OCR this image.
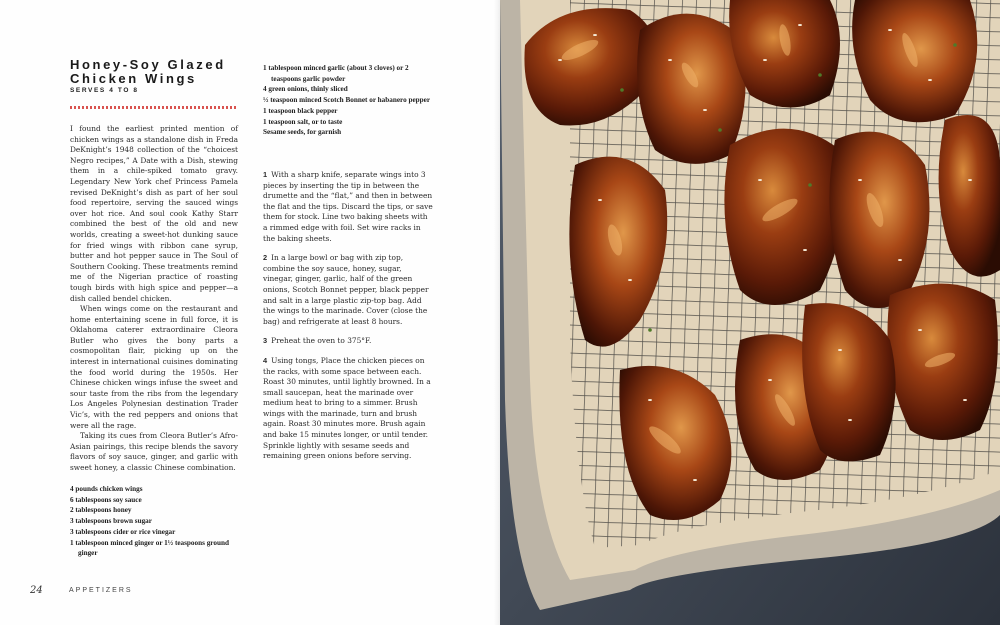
Honey-Soy Glazed
Chicken Wings
SERVES 4 TO 8

I found the earliest printed mention of chicken wings as a standalone dish in Freda DeKnight’s 1948 collection of the “choicest Negro recipes,” A Date with a Dish, stewing them in a chile-spiked tomato gravy. Legendary New York chef Princess Pamela revised DeKnight’s dish as part of her soul food repertoire, serving the sauced wings over hot rice. And soul cook Kathy Starr combined the best of the old and new worlds, creating a sweet-hot dunking sauce for fried wings with ribbon cane syrup, butter and hot pepper sauce in The Soul of Southern Cooking. These treatments remind me of the Nigerian practice of roasting tough birds with high spice and pepper—a dish called bendel chicken.

When wings come on the restaurant and home entertaining scene in full force, it is Oklahoma caterer extraordinaire Cleora Butler who gives the bony parts a cosmopolitan flair, picking up on the interest in international cuisines dominating the food world during the 1950s. Her Chinese chicken wings infuse the sweet and sour taste from the ribs from the legendary Los Angeles Polynesian destination Trader Vic’s, with the red peppers and onions that were all the rage.

Taking its cues from Cleora Butler’s Afro-Asian pairings, this recipe blends the savory flavors of soy sauce, ginger, and garlic with sweet honey, a classic Chinese combination.

4 pounds chicken wings
6 tablespoons soy sauce
2 tablespoons honey
3 tablespoons brown sugar
3 tablespoons cider or rice vinegar
1 tablespoon minced ginger or 1½ teaspoons ground ginger
1 tablespoon minced garlic (about 3 cloves) or 2 teaspoons garlic powder
4 green onions, thinly sliced
½ teaspoon minced Scotch Bonnet or habanero pepper
1 teaspoon black pepper
1 teaspoon salt, or to taste
Sesame seeds, for garnish
1 With a sharp knife, separate wings into 3 pieces by inserting the tip in between the drumette and the “flat,” and then in between the flat and the tips. Discard the tips, or save them for stock. Line two baking sheets with a rimmed edge with foil. Set wire racks in the baking sheets.
2 In a large bowl or bag with zip top, combine the soy sauce, honey, sugar, vinegar, ginger, garlic, half of the green onions, Scotch Bonnet pepper, black pepper and salt in a large plastic zip-top bag. Add the wings to the marinade. Cover (close the bag) and refrigerate at least 8 hours.
3 Preheat the oven to 375°F.
4 Using tongs, Place the chicken pieces on the racks, with some space between each. Roast 30 minutes, until lightly browned. In a small saucepan, heat the marinade over medium heat to bring to a simmer. Brush wings with the marinade, turn and brush again. Roast 30 minutes more. Brush again and bake 15 minutes longer, or until tender. Sprinkle lightly with sesame seeds and remaining green onions before serving.
24	APPETIZERS
